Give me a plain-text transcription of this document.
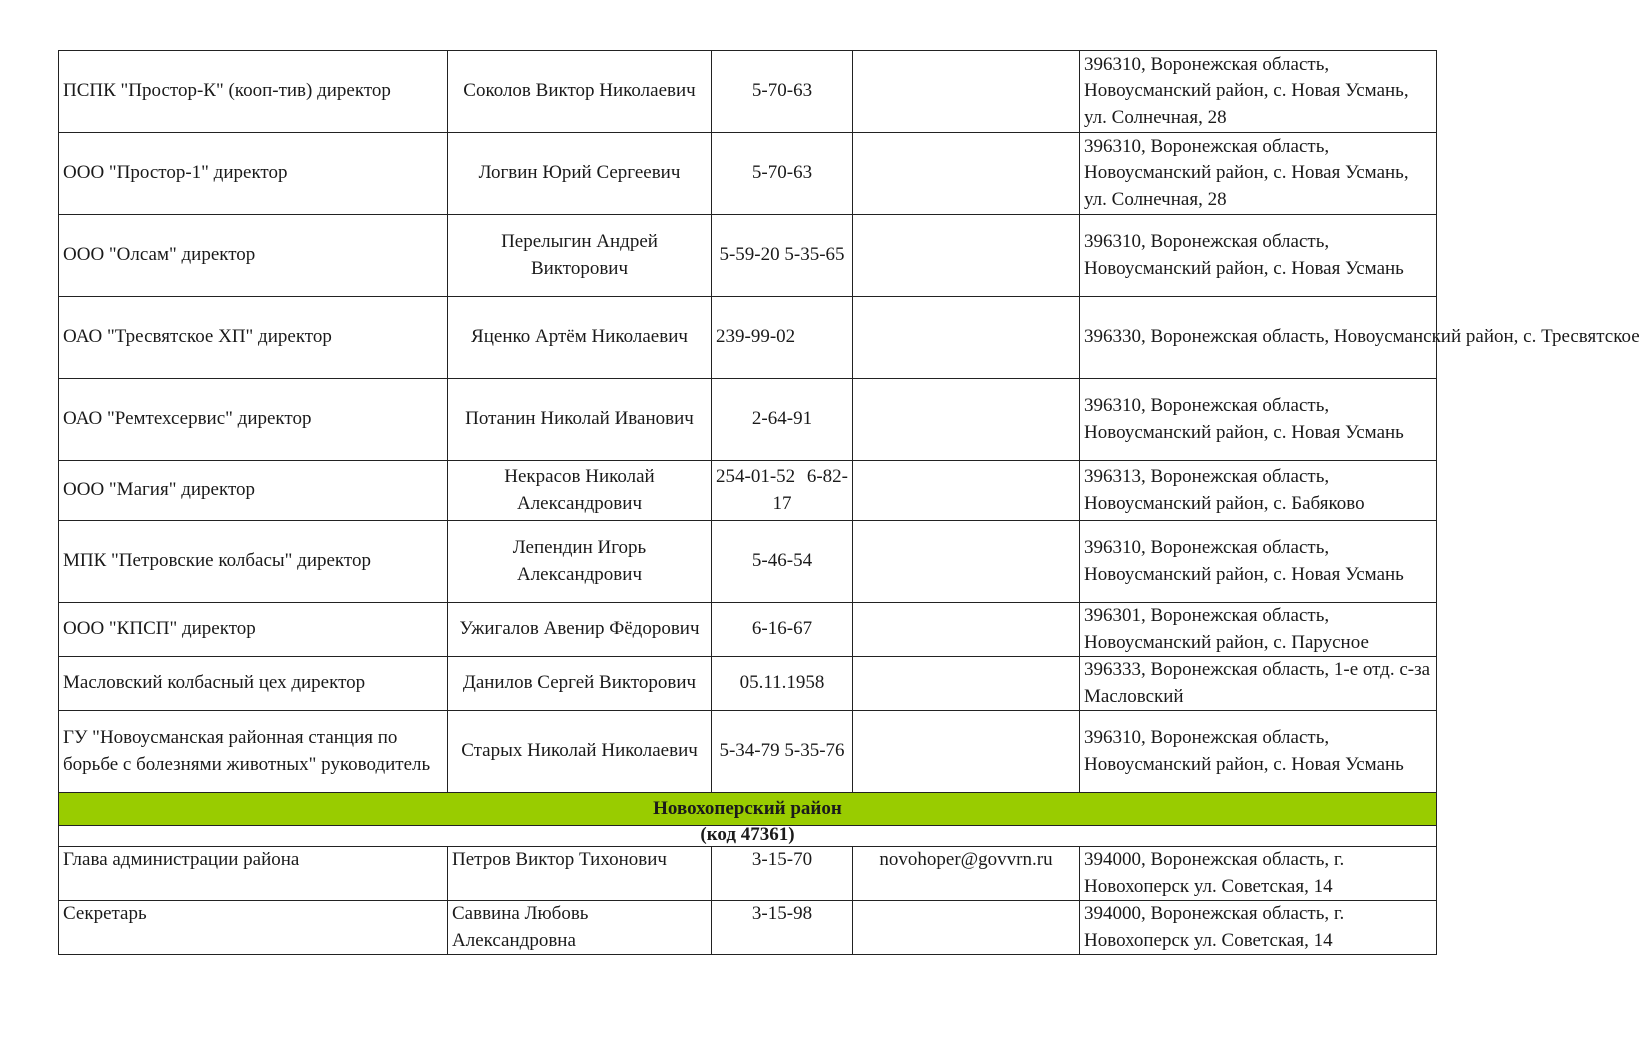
ПСПК "Простор-К" (кооп-тив) директор	Соколов Виктор Николаевич	5-70-63		396310, Воронежская область, Новоусманский район, с. Новая Усмань, ул. Солнечная, 28
ООО "Простор-1" директор	Логвин Юрий Сергеевич	5-70-63		396310, Воронежская область, Новоусманский район, с. Новая Усмань, ул. Солнечная, 28
ООО "Олсам" директор	Перелыгин Андрей Викторович	5-59-20 5-35-65		396310, Воронежская область, Новоусманский район, с. Новая Усмань
ОАО "Тресвятское ХП" директор	Яценко Артём Николаевич	239-99-02		396330, Воронежская область, Новоусманский район, с. Тресвятское
ОАО "Ремтехсервис" директор	Потанин Николай Иванович	2-64-91		396310, Воронежская область, Новоусманский район, с. Новая Усмань
ООО "Магия" директор	Некрасов Николай Александрович	254-01-52 6-82-17		396313, Воронежская область, Новоусманский район, с. Бабяково
МПК "Петровские колбасы" директор	Лепендин Игорь Александрович	5-46-54		396310, Воронежская область, Новоусманский район, с. Новая Усмань
ООО "КПСП" директор	Ужигалов Авенир Фёдорович	6-16-67		396301, Воронежская область, Новоусманский район, с. Парусное
Масловский колбасный цех директор	Данилов Сергей Викторович	05.11.1958		396333, Воронежская область, 1-е отд. с-за Масловский
ГУ "Новоусманская районная станция по борьбе с болезнями животных" руководитель	Старых Николай Николаевич	5-34-79 5-35-76		396310, Воронежская область, Новоусманский район, с. Новая Усмань
Новохоперский район				
(код 47361)				
Глава администрации района	Петров Виктор Тихонович	3-15-70	novohoper@govvrn.ru	394000, Воронежская область, г. Новохоперск ул. Советская, 14
Секретарь	Саввина Любовь Александровна	3-15-98		394000, Воронежская область, г. Новохоперск ул. Советская, 14
